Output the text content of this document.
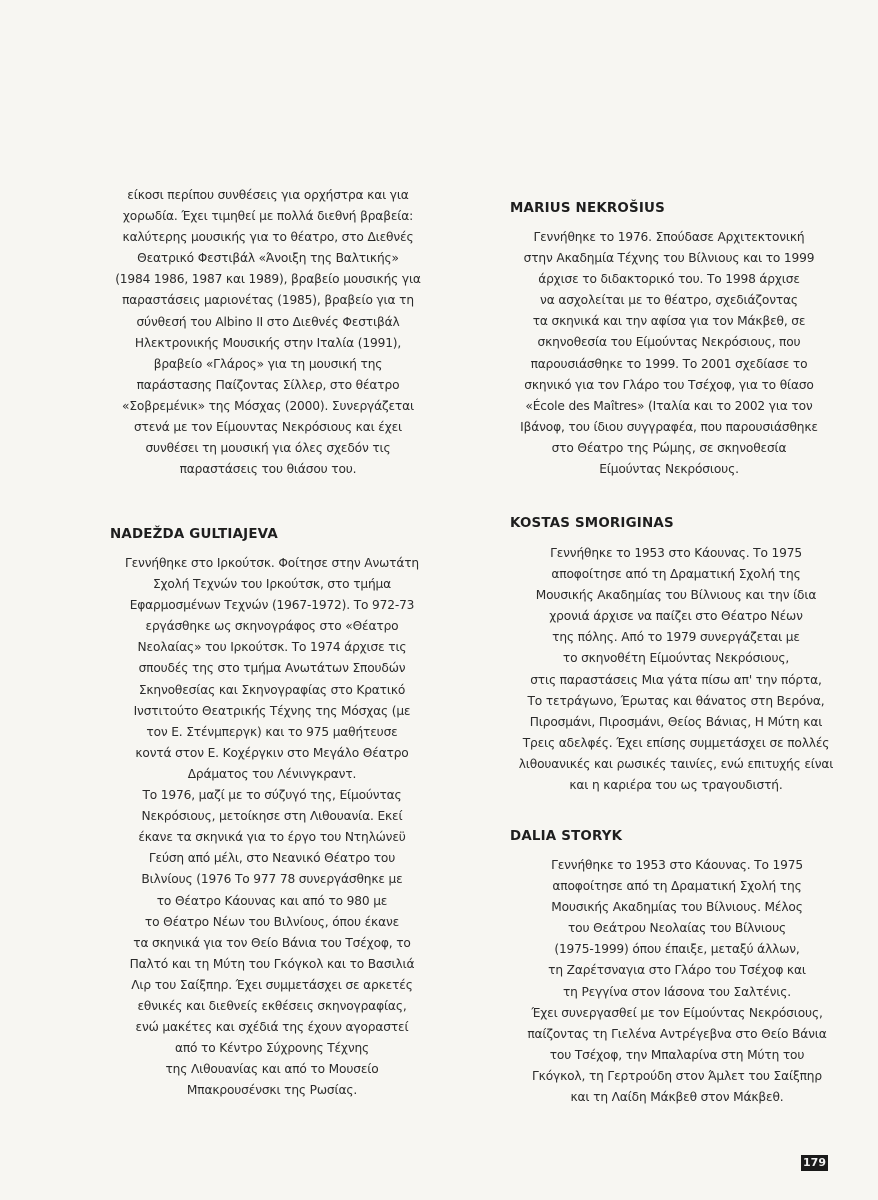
είκοσι περίπου συνθέσεις για ορχήστρα και για
χορωδία. Έχει τιμηθεί με πολλά διεθνή βραβεία:
καλύτερης μουσικής για το θέατρο, στο Διεθνές
Θεατρικό Φεστιβάλ «Άνοιξη της Βαλτικής»
(1984 1986, 1987 και 1989), βραβείο μουσικής για
παραστάσεις μαριονέτας (1985), βραβείο για τη
σύνθεσή του Albino II στο Διεθνές Φεστιβάλ
Ηλεκτρονικής Μουσικής στην Ιταλία (1991),
βραβείο «Γλάρος» για τη μουσική της
παράστασης Παίζοντας Σίλλερ, στο θέατρο
«Σοβρεμένικ» της Μόσχας (2000). Συνεργάζεται
στενά με τον Είμουντας Νεκρόσιους και έχει
συνθέσει τη μουσική για όλες σχεδόν τις
παραστάσεις του θιάσου του.

NADEŽDA GULTIAJEVA

Γεννήθηκε στο Ιρκούτσκ. Φοίτησε στην Ανωτάτη
Σχολή Τεχνών του Ιρκούτσκ, στο τμήμα
Εφαρμοσμένων Τεχνών (1967-1972). Το 972-73
εργάσθηκε ως σκηνογράφος στο «Θέατρο
Νεολαίας» του Ιρκούτσκ. Το 1974 άρχισε τις
σπουδές της στο τμήμα Ανωτάτων Σπουδών
Σκηνοθεσίας και Σκηνογραφίας στο Κρατικό
Ινστιτούτο Θεατρικής Τέχνης της Μόσχας (με
τον Ε. Στένμπεργκ) και το 975 μαθήτευσε
κοντά στον Ε. Κοχέργκιν στο Μεγάλο Θέατρο
Δράματος του Λένινγκραντ.
Το 1976, μαζί με το σύζυγό της, Είμούντας
Νεκρόσιους, μετοίκησε στη Λιθουανία. Εκεί
έκανε τα σκηνικά για το έργο του Ντηλώνεϋ
Γεύση από μέλι, στο Νεανικό Θέατρο του
Βιλνίους (1976 Το 977 78 συνεργάσθηκε με
το Θέατρο Κάουνας και από το 980 με
το Θέατρο Νέων του Βιλνίους, όπου έκανε
τα σκηνικά για τον Θείο Βάνια του Τσέχοφ, το
Παλτό και τη Μύτη του Γκόγκολ και το Βασιλιά
Λιρ του Σαίξπηρ. Έχει συμμετάσχει σε αρκετές
εθνικές και διεθνείς εκθέσεις σκηνογραφίας,
ενώ μακέτες και σχέδιά της έχουν αγοραστεί
από το Κέντρο Σύχρονης Τέχνης
της Λιθουανίας και από το Μουσείο
Μπακρουσένσκι της Ρωσίας.

MARIUS NEKROŠIUS

Γεννήθηκε το 1976. Σπούδασε Αρχιτεκτονική
στην Ακαδημία Τέχνης του Βίλνιους και το 1999
άρχισε το διδακτορικό του. Το 1998 άρχισε
να ασχολείται με το θέατρο, σχεδιάζοντας
τα σκηνικά και την αφίσα για τον Μάκβεθ, σε
σκηνοθεσία του Είμούντας Νεκρόσιους, που
παρουσιάσθηκε το 1999. Το 2001 σχεδίασε το
σκηνικό για τον Γλάρο του Τσέχοφ, για το θίασο
«École des Maîtres» (Ιταλία και το 2002 για τον
Ιβάνοφ, του ίδιου συγγραφέα, που παρουσιάσθηκε
στο Θέατρο της Ρώμης, σε σκηνοθεσία
Είμούντας Νεκρόσιους.

KOSTAS SMORIGINAS

Γεννήθηκε το 1953 στο Κάουνας. Το 1975
αποφοίτησε από τη Δραματική Σχολή της
Μουσικής Ακαδημίας του Βίλνιους και την ίδια
χρονιά άρχισε να παίζει στο Θέατρο Νέων
της πόλης. Από το 1979 συνεργάζεται με
το σκηνοθέτη Είμούντας Νεκρόσιους,
στις παραστάσεις Μια γάτα πίσω απ' την πόρτα,
Το τετράγωνο, Έρωτας και θάνατος στη Βερόνα,
Πιροσμάνι, Πιροσμάνι, Θείος Βάνιας, Η Μύτη και
Τρεις αδελφές. Έχει επίσης συμμετάσχει σε πολλές
λιθουανικές και ρωσικές ταινίες, ενώ επιτυχής είναι
και η καριέρα του ως τραγουδιστή.

DALIA STORYK

Γεννήθηκε το 1953 στο Κάουνας. Το 1975
αποφοίτησε από τη Δραματική Σχολή της
Μουσικής Ακαδημίας του Βίλνιους. Μέλος
του Θεάτρου Νεολαίας του Βίλνιους
(1975-1999) όπου έπαιξε, μεταξύ άλλων,
τη Ζαρέτσναγια στο Γλάρο του Τσέχοφ και
τη Ρεγγίνα στον Ιάσονα του Σαλτένις.
Έχει συνεργασθεί με τον Είμούντας Νεκρόσιους,
παίζοντας τη Γιελένα Αντρέγεβνα στο Θείο Βάνια
του Τσέχοφ, την Μπαλαρίνα στη Μύτη του
Γκόγκολ, τη Γερτρούδη στον Άμλετ του Σαίξπηρ
και τη Λαίδη Μάκβεθ στον Μάκβεθ.

179
